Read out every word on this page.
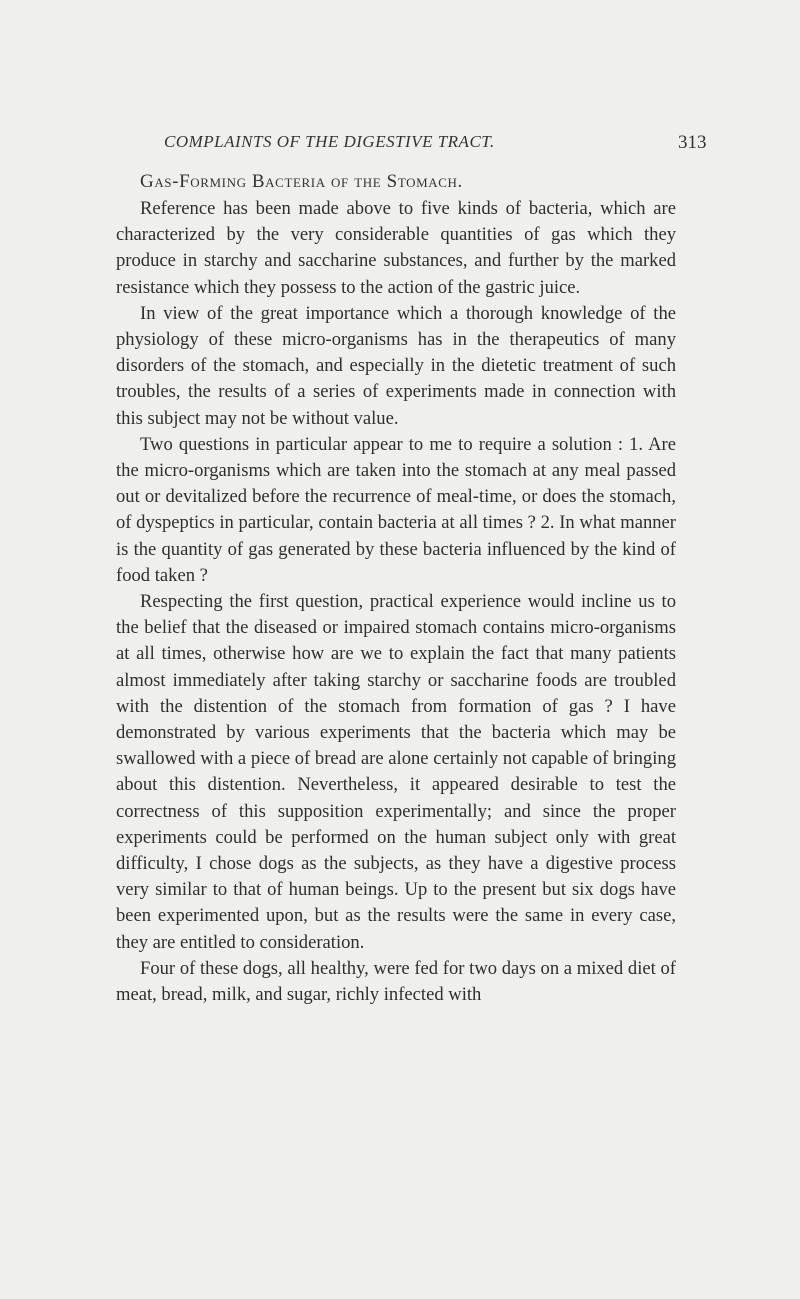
COMPLAINTS OF THE DIGESTIVE TRACT.	313
Gas-Forming Bacteria of the Stomach.

Reference has been made above to five kinds of bacteria, which are characterized by the very considerable quantities of gas which they produce in starchy and saccharine substances, and further by the marked resistance which they possess to the action of the gastric juice.

In view of the great importance which a thorough knowledge of the physiology of these micro-organisms has in the therapeutics of many disorders of the stomach, and especially in the dietetic treatment of such troubles, the results of a series of experiments made in connection with this subject may not be without value.

Two questions in particular appear to me to require a solution : 1. Are the micro-organisms which are taken into the stomach at any meal passed out or devitalized before the recurrence of meal-time, or does the stomach, of dyspeptics in particular, contain bacteria at all times ? 2. In what manner is the quantity of gas generated by these bacteria influenced by the kind of food taken ?

Respecting the first question, practical experience would incline us to the belief that the diseased or impaired stomach contains micro-organisms at all times, otherwise how are we to explain the fact that many patients almost immediately after taking starchy or saccharine foods are troubled with the distention of the stomach from formation of gas ? I have demonstrated by various experiments that the bacteria which may be swallowed with a piece of bread are alone certainly not capable of bringing about this distention. Nevertheless, it appeared desirable to test the correctness of this supposition experimentally; and since the proper experiments could be performed on the human subject only with great difficulty, I chose dogs as the subjects, as they have a digestive process very similar to that of human beings. Up to the present but six dogs have been experimented upon, but as the results were the same in every case, they are entitled to consideration.

Four of these dogs, all healthy, were fed for two days on a mixed diet of meat, bread, milk, and sugar, richly infected with
